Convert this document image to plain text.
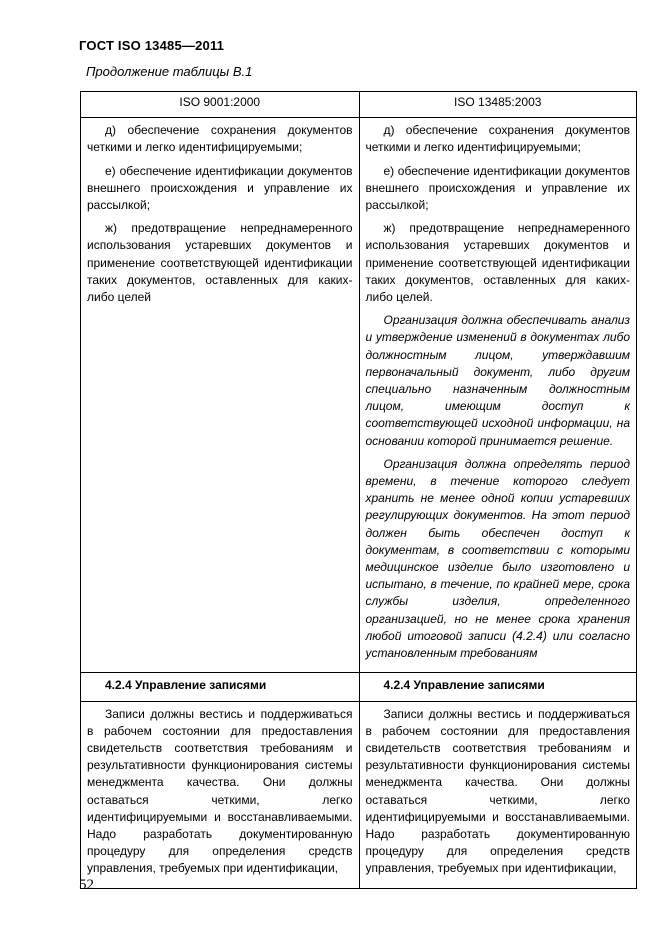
ГОСТ ISO 13485—2011
Продолжение таблицы В.1
ISO 9001:2000	ISO 13485:2003

д) обеспечение сохранения документов четкими и легко идентифицируемыми;

е) обеспечение идентификации документов внешнего происхождения и управление их рассылкой;

ж) предотвращение непреднамеренного использования устаревших документов и применение соответствующей идентификации таких документов, оставленных для каких-либо целей

д) обеспечение сохранения документов четкими и легко идентифицируемыми;

е) обеспечение идентификации документов внешнего происхождения и управление их рассылкой;

ж) предотвращение непреднамеренного использования устаревших документов и применение соответствующей идентификации таких документов, оставленных для каких-либо целей.

Организация должна обеспечивать анализ и утверждение изменений в документах либо должностным лицом, утверждавшим первоначальный документ, либо другим специально назначенным должностным лицом, имеющим доступ к соответствующей исходной информации, на основании которой принимается решение.

Организация должна определять период времени, в течение которого следует хранить не менее одной копии устаревших регулирующих документов. На этот период должен быть обеспечен доступ к документам, в соответствии с которыми медицинское изделие было изготовлено и испытано, в течение, по крайней мере, срока службы изделия, определенного организацией, но не менее срока хранения любой итоговой записи (4.2.4) или согласно установленным требованиям

4.2.4 Управление записями	4.2.4 Управление записями

Записи должны вестись и поддерживаться в рабочем состоянии для предоставления свидетельств соответствия требованиям и результативности функционирования системы менеджмента качества. Они должны оставаться четкими, легко идентифицируемыми и восстанавливаемыми. Надо разработать документированную процедуру для определения средств управления, требуемых при идентификации,

Записи должны вестись и поддерживаться в рабочем состоянии для предоставления свидетельств соответствия требованиям и результативности функционирования системы менеджмента качества. Они должны оставаться четкими, легко идентифицируемыми и восстанавливаемыми. Надо разработать документированную процедуру для определения средств управления, требуемых при идентификации,

52
